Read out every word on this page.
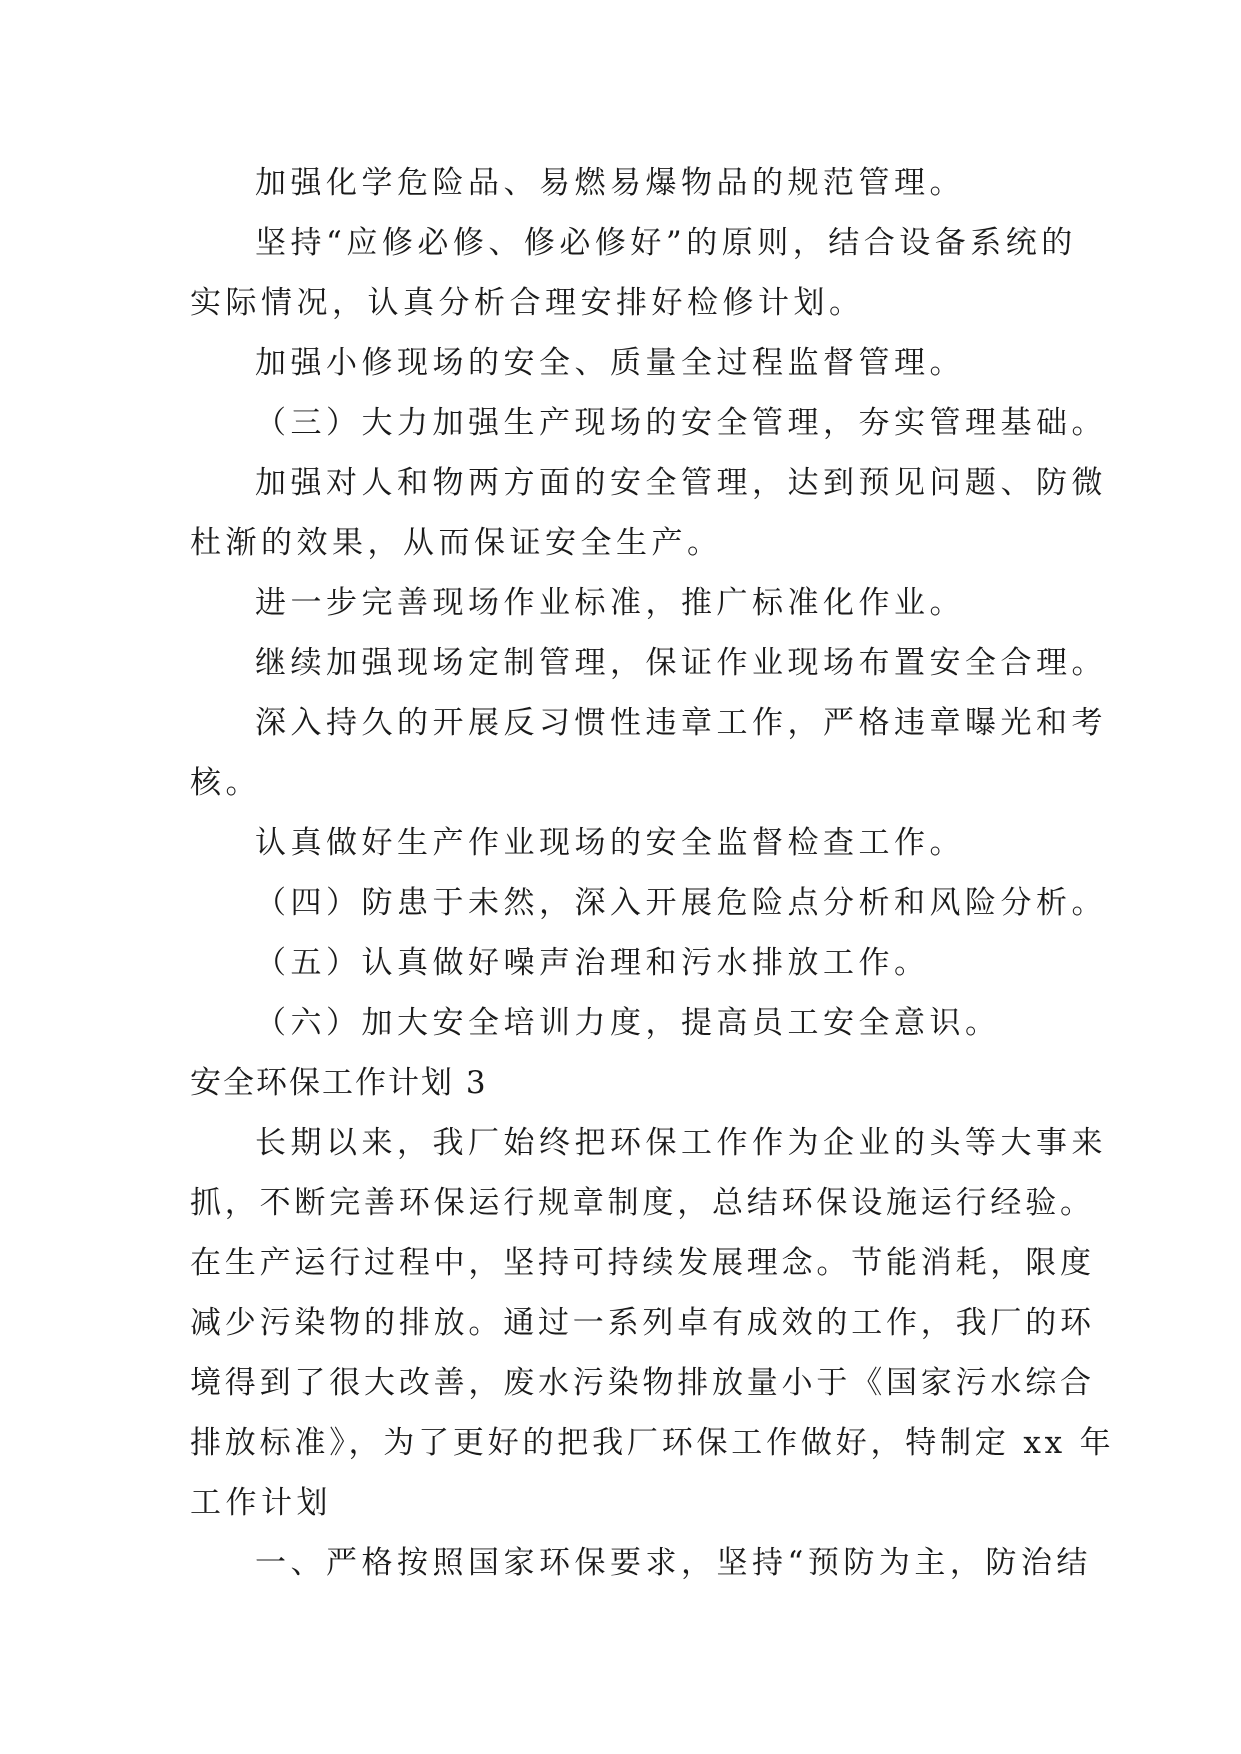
加强化学危险品、易燃易爆物品的规范管理。
坚持“应修必修、修必修好”的原则，结合设备系统的
实际情况，认真分析合理安排好检修计划。
加强小修现场的安全、质量全过程监督管理。
（三）大力加强生产现场的安全管理，夯实管理基础。
加强对人和物两方面的安全管理，达到预见问题、防微
杜渐的效果，从而保证安全生产。
进一步完善现场作业标准，推广标准化作业。
继续加强现场定制管理，保证作业现场布置安全合理。
深入持久的开展反习惯性违章工作，严格违章曝光和考
核。
认真做好生产作业现场的安全监督检查工作。
（四）防患于未然，深入开展危险点分析和风险分析。
（五）认真做好噪声治理和污水排放工作。
（六）加大安全培训力度，提高员工安全意识。
安全环保工作计划 3
长期以来，我厂始终把环保工作作为企业的头等大事来
抓，不断完善环保运行规章制度，总结环保设施运行经验。
在生产运行过程中，坚持可持续发展理念。节能消耗，限度
减少污染物的排放。通过一系列卓有成效的工作，我厂的环
境得到了很大改善，废水污染物排放量小于《国家污水综合
排放标准》，为了更好的把我厂环保工作做好，特制定 xx 年
工作计划
一、严格按照国家环保要求，坚持“预防为主，防治结
